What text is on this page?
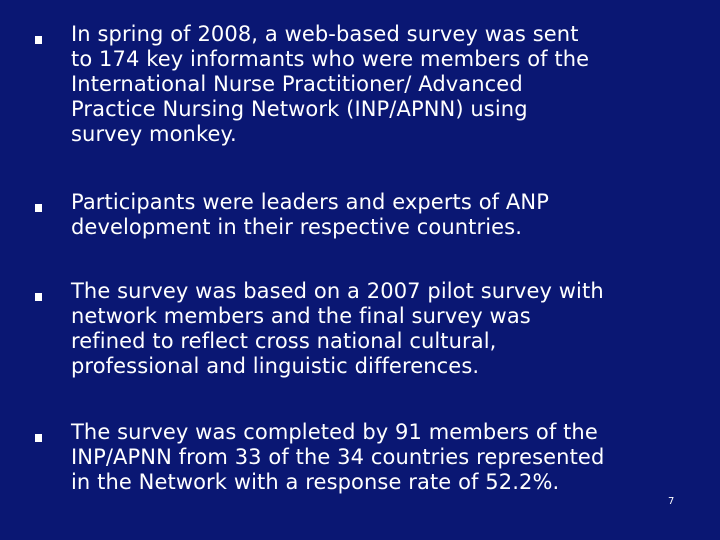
In spring of 2008, a web-based survey was sent
to 174 key informants who were members of the
International Nurse Practitioner/ Advanced
Practice Nursing Network (INP/APNN) using
survey monkey.
Participants were leaders and experts of ANP
development in their respective countries.
The survey was based on a 2007 pilot survey with
network members and the final survey was
refined to reflect cross national cultural,
professional and linguistic differences.
The survey was completed by 91 members of the
INP/APNN from 33 of the 34 countries represented
in the Network with a response rate of 52.2%.
7
